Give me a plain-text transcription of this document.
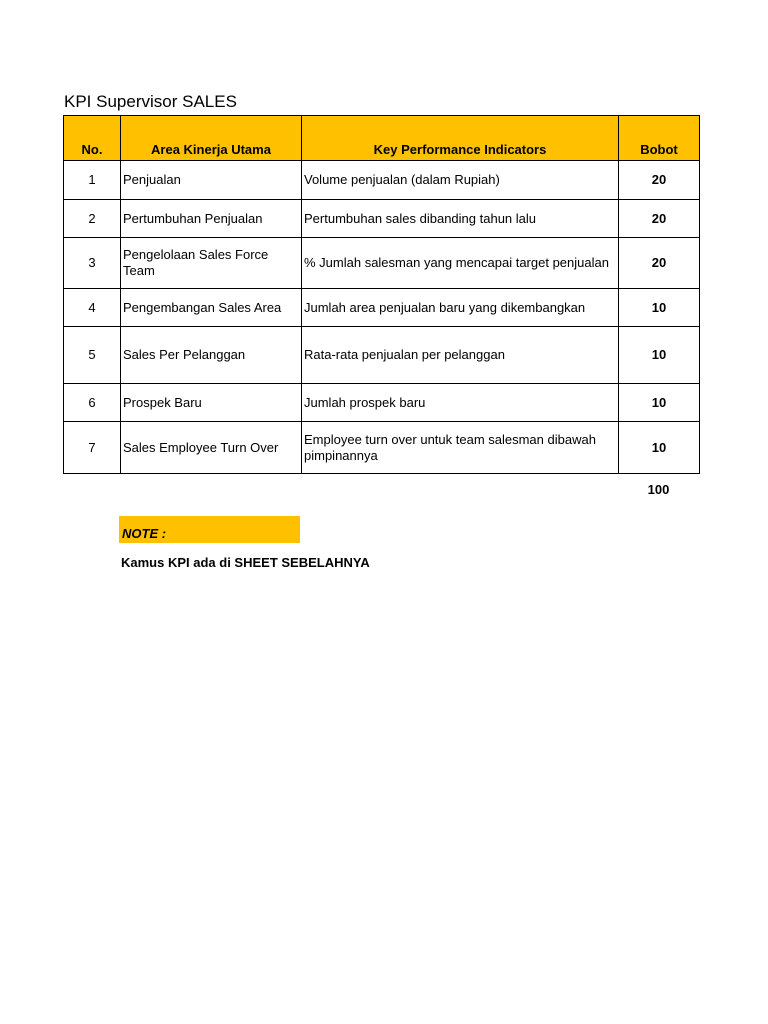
KPI Supervisor SALES
No.	Area Kinerja Utama	Key Performance Indicators	Bobot
1	Penjualan	Volume penjualan (dalam Rupiah)	20
2	Pertumbuhan Penjualan	Pertumbuhan sales dibanding tahun lalu	20
3	Pengelolaan Sales Force Team	% Jumlah salesman yang mencapai target penjualan	20
4	Pengembangan Sales Area	Jumlah area penjualan baru yang dikembangkan	10
5	Sales Per Pelanggan	Rata-rata penjualan per pelanggan	10
6	Prospek Baru	Jumlah prospek baru	10
7	Sales Employee Turn Over	Employee turn over untuk team salesman dibawah pimpinannya	10
100
NOTE :
Kamus KPI ada di SHEET SEBELAHNYA
